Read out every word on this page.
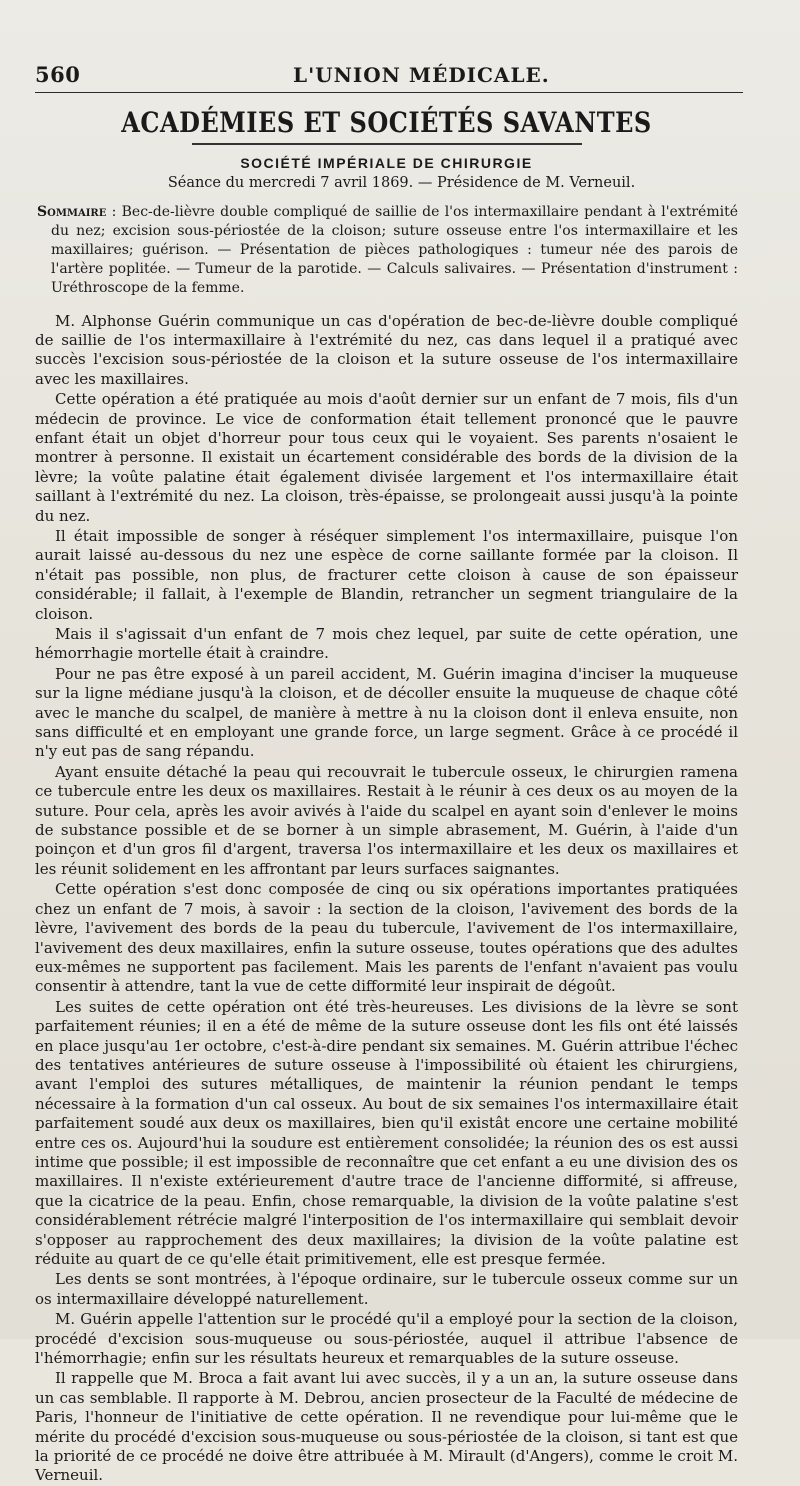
560	L'UNION MÉDICALE.
ACADÉMIES ET SOCIÉTÉS SAVANTES
SOCIÉTÉ IMPÉRIALE DE CHIRURGIE
Séance du mercredi 7 avril 1869. — Présidence de M. Verneuil.
Sommaire : Bec-de-lièvre double compliqué de saillie de l'os intermaxillaire pendant à l'extrémité du nez; excision sous-périostée de la cloison; suture osseuse entre l'os intermaxillaire et les maxillaires; guérison. — Présentation de pièces pathologiques : tumeur née des parois de l'artère poplitée. — Tumeur de la parotide. — Calculs salivaires. — Présentation d'instrument : Uréthroscope de la femme.

M. Alphonse Guérin communique un cas d'opération de bec-de-lièvre double compliqué de saillie de l'os intermaxillaire à l'extrémité du nez, cas dans lequel il a pratiqué avec succès l'excision sous-périostée de la cloison et la suture osseuse de l'os intermaxillaire avec les maxillaires.

Cette opération a été pratiquée au mois d'août dernier sur un enfant de 7 mois, fils d'un médecin de province. Le vice de conformation était tellement prononcé que le pauvre enfant était un objet d'horreur pour tous ceux qui le voyaient. Ses parents n'osaient le montrer à personne. Il existait un écartement considérable des bords de la division de la lèvre; la voûte palatine était également divisée largement et l'os intermaxillaire était saillant à l'extrémité du nez. La cloison, très-épaisse, se prolongeait aussi jusqu'à la pointe du nez.

Il était impossible de songer à réséquer simplement l'os intermaxillaire, puisque l'on aurait laissé au-dessous du nez une espèce de corne saillante formée par la cloison. Il n'était pas possible, non plus, de fracturer cette cloison à cause de son épaisseur considérable; il fallait, à l'exemple de Blandin, retrancher un segment triangulaire de la cloison.

Mais il s'agissait d'un enfant de 7 mois chez lequel, par suite de cette opération, une hémorrhagie mortelle était à craindre.

Pour ne pas être exposé à un pareil accident, M. Guérin imagina d'inciser la muqueuse sur la ligne médiane jusqu'à la cloison, et de décoller ensuite la muqueuse de chaque côté avec le manche du scalpel, de manière à mettre à nu la cloison dont il enleva ensuite, non sans difficulté et en employant une grande force, un large segment. Grâce à ce procédé il n'y eut pas de sang répandu.

Ayant ensuite détaché la peau qui recouvrait le tubercule osseux, le chirurgien ramena ce tubercule entre les deux os maxillaires. Restait à le réunir à ces deux os au moyen de la suture. Pour cela, après les avoir avivés à l'aide du scalpel en ayant soin d'enlever le moins de substance possible et de se borner à un simple abrasement, M. Guérin, à l'aide d'un poinçon et d'un gros fil d'argent, traversa l'os intermaxillaire et les deux os maxillaires et les réunit solidement en les affrontant par leurs surfaces saignantes.

Cette opération s'est donc composée de cinq ou six opérations importantes pratiquées chez un enfant de 7 mois, à savoir : la section de la cloison, l'avivement des bords de la lèvre, l'avivement des bords de la peau du tubercule, l'avivement de l'os intermaxillaire, l'avivement des deux maxillaires, enfin la suture osseuse, toutes opérations que des adultes eux-mêmes ne supportent pas facilement. Mais les parents de l'enfant n'avaient pas voulu consentir à attendre, tant la vue de cette difformité leur inspirait de dégoût.

Les suites de cette opération ont été très-heureuses. Les divisions de la lèvre se sont parfaitement réunies; il en a été de même de la suture osseuse dont les fils ont été laissés en place jusqu'au 1er octobre, c'est-à-dire pendant six semaines. M. Guérin attribue l'échec des tentatives antérieures de suture osseuse à l'impossibilité où étaient les chirurgiens, avant l'emploi des sutures métalliques, de maintenir la réunion pendant le temps nécessaire à la formation d'un cal osseux. Au bout de six semaines l'os intermaxillaire était parfaitement soudé aux deux os maxillaires, bien qu'il existât encore une certaine mobilité entre ces os. Aujourd'hui la soudure est entièrement consolidée; la réunion des os est aussi intime que possible; il est impossible de reconnaître que cet enfant a eu une division des os maxillaires. Il n'existe extérieurement d'autre trace de l'ancienne difformité, si affreuse, que la cicatrice de la peau. Enfin, chose remarquable, la division de la voûte palatine s'est considérablement rétrécie malgré l'interposition de l'os intermaxillaire qui semblait devoir s'opposer au rapprochement des deux maxillaires; la division de la voûte palatine est réduite au quart de ce qu'elle était primitivement, elle est presque fermée.

Les dents se sont montrées, à l'époque ordinaire, sur le tubercule osseux comme sur un os intermaxillaire développé naturellement.

M. Guérin appelle l'attention sur le procédé qu'il a employé pour la section de la cloison, procédé d'excision sous-muqueuse ou sous-périostée, auquel il attribue l'absence de l'hémorrhagie; enfin sur les résultats heureux et remarquables de la suture osseuse.

Il rappelle que M. Broca a fait avant lui avec succès, il y a un an, la suture osseuse dans un cas semblable. Il rapporte à M. Debrou, ancien prosecteur de la Faculté de médecine de Paris, l'honneur de l'initiative de cette opération. Il ne revendique pour lui-même que le mérite du procédé d'excision sous-muqueuse ou sous-périostée de la cloison, si tant est que la priorité de ce procédé ne doive être attribuée à M. Mirault (d'Angers), comme le croit M. Verneuil.
